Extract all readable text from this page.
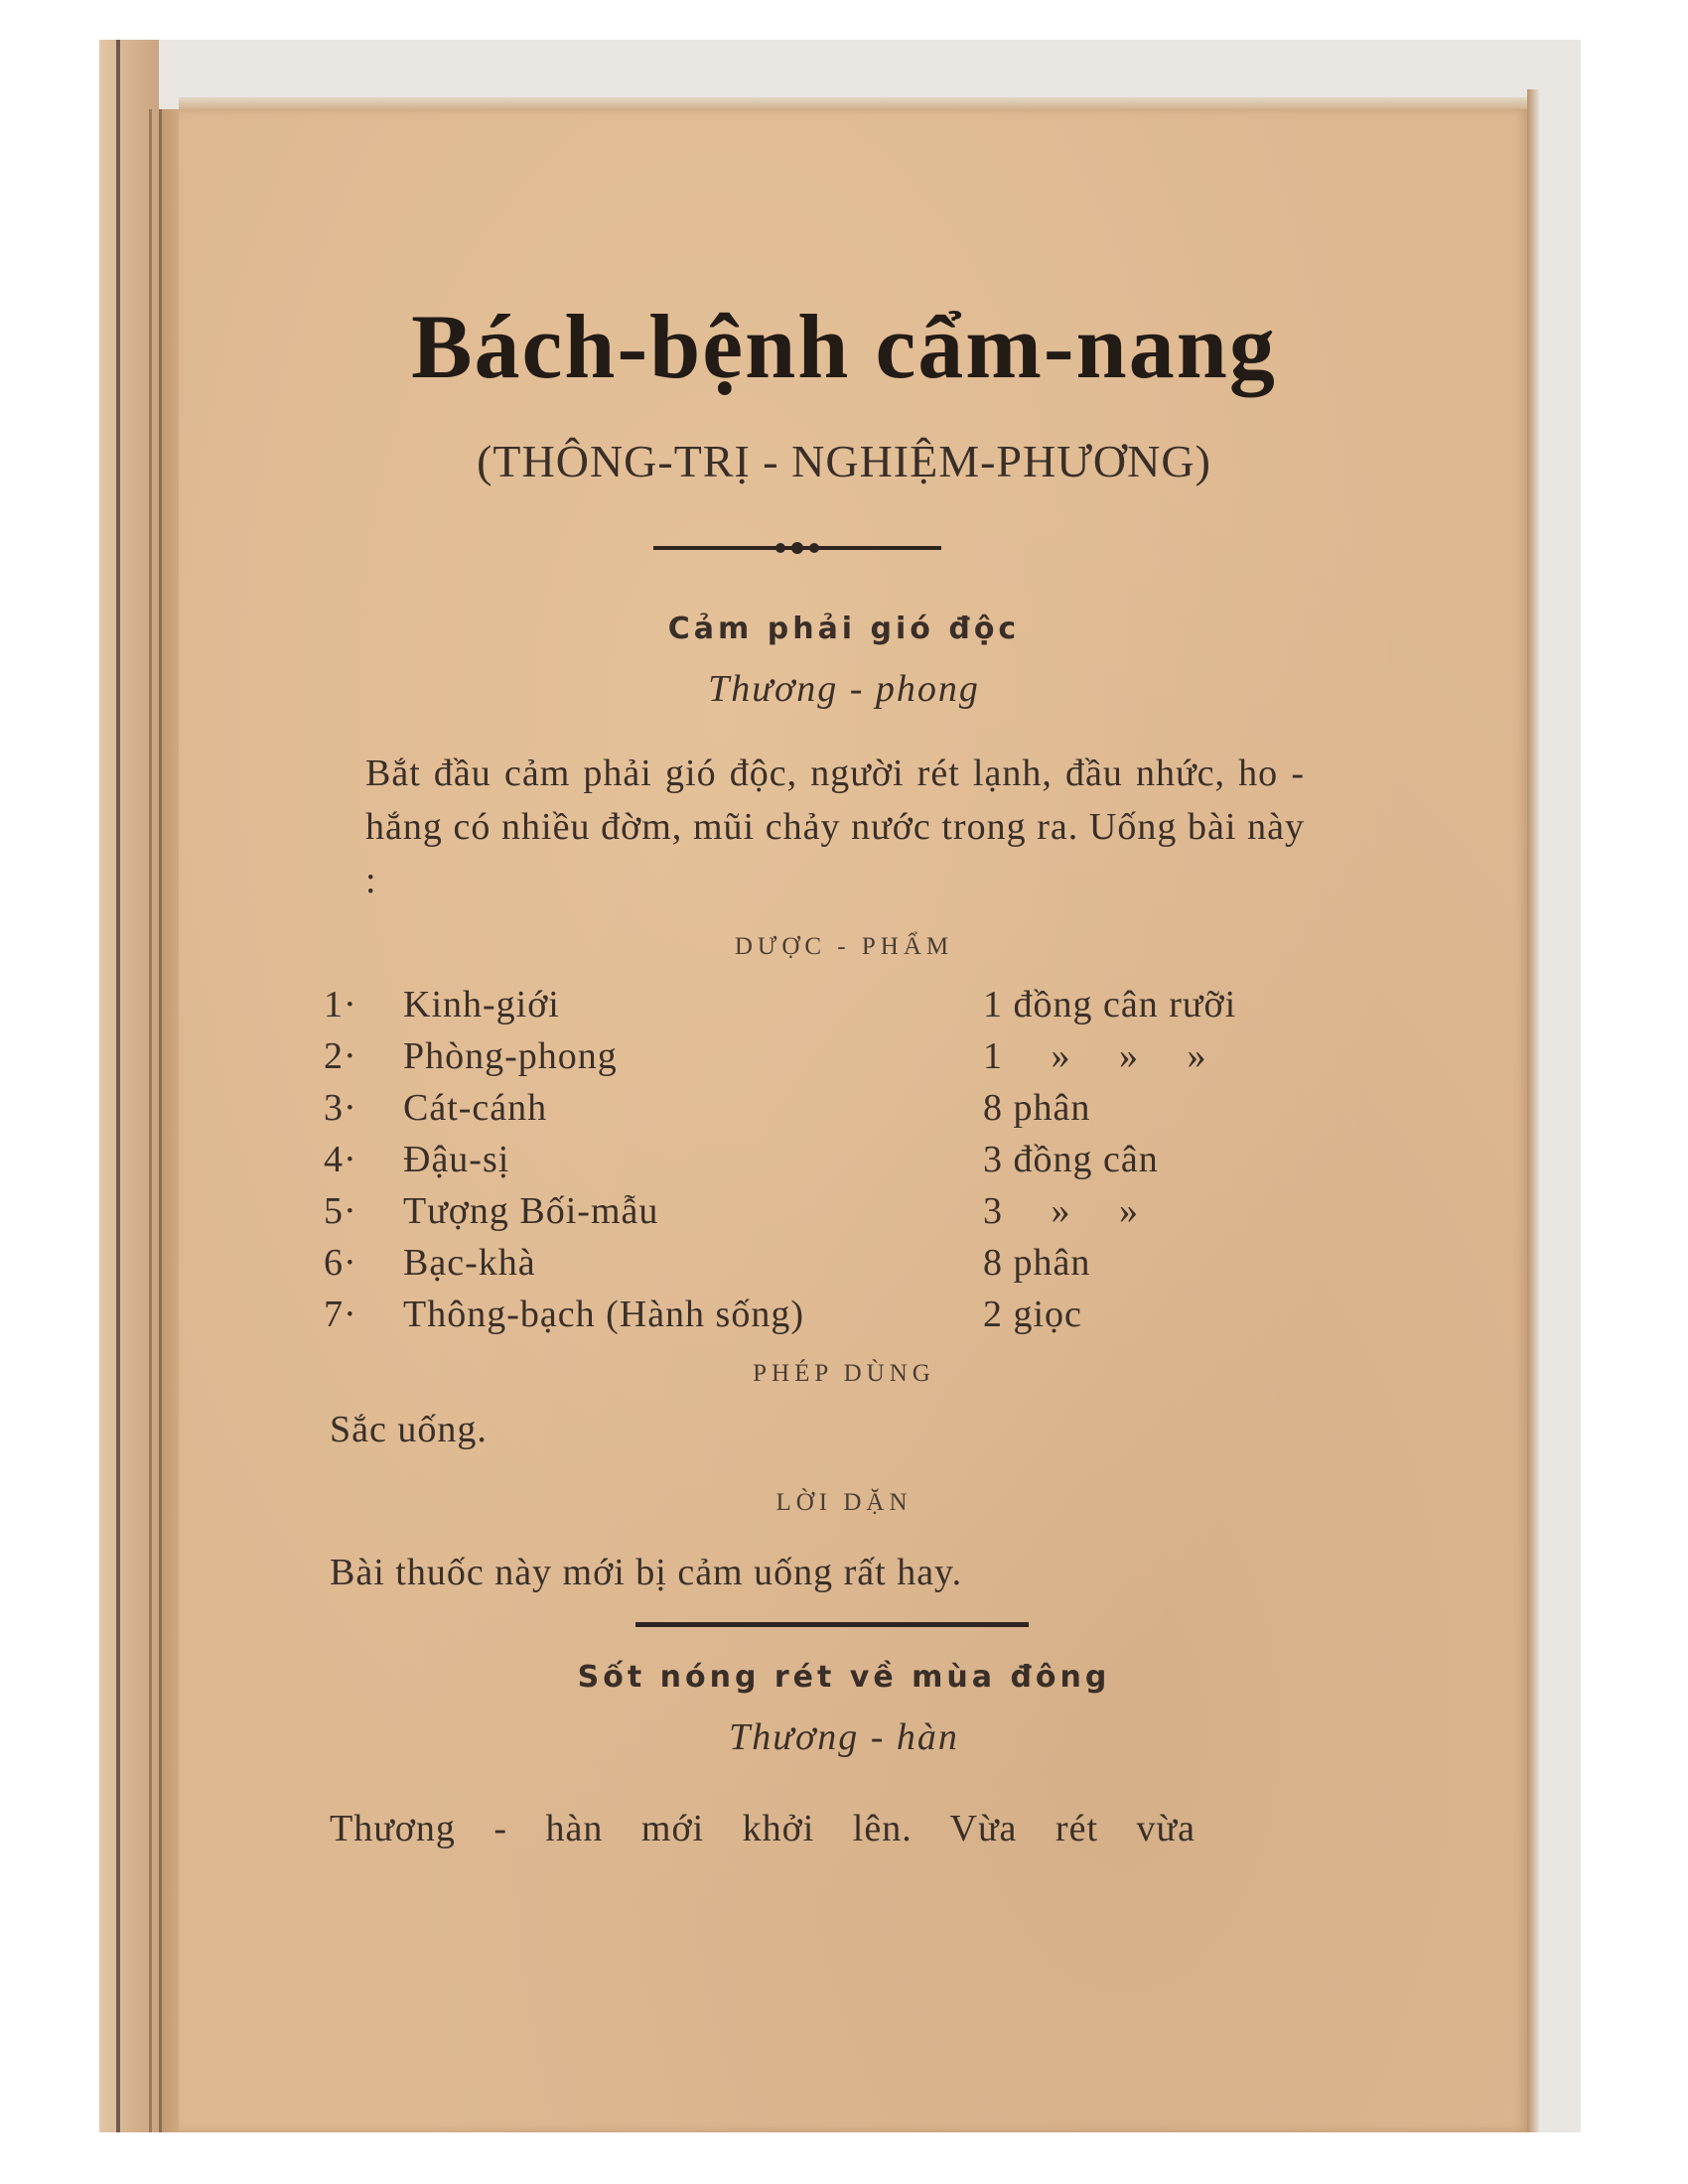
Bách-bệnh cẩm-nang
(THÔNG-TRỊ - NGHIỆM-PHƯƠNG)
Cảm phải gió độc
Thương - phong
Bắt đầu cảm phải gió độc, người rét lạnh, đầu nhức, ho - hắng có nhiều đờm, mũi chảy nước trong ra. Uống bài này :
DƯỢC - PHẨM
1· Kinh-giới	1 đồng cân rưỡi
2· Phòng-phong	1 » » »
3· Cát-cánh	8 phân
4· Đậu-sị	3 đồng cân
5· Tượng Bối-mẫu	3 » »
6· Bạc-khà	8 phân
7· Thông-bạch (Hành sống)	2 giọc
PHÉP DÙNG
Sắc uống.
LỜI DẶN
Bài thuốc này mới bị cảm uống rất hay.
Sốt nóng rét về mùa đông
Thương - hàn
Thương - hàn mới khởi lên. Vừa rét vừa
